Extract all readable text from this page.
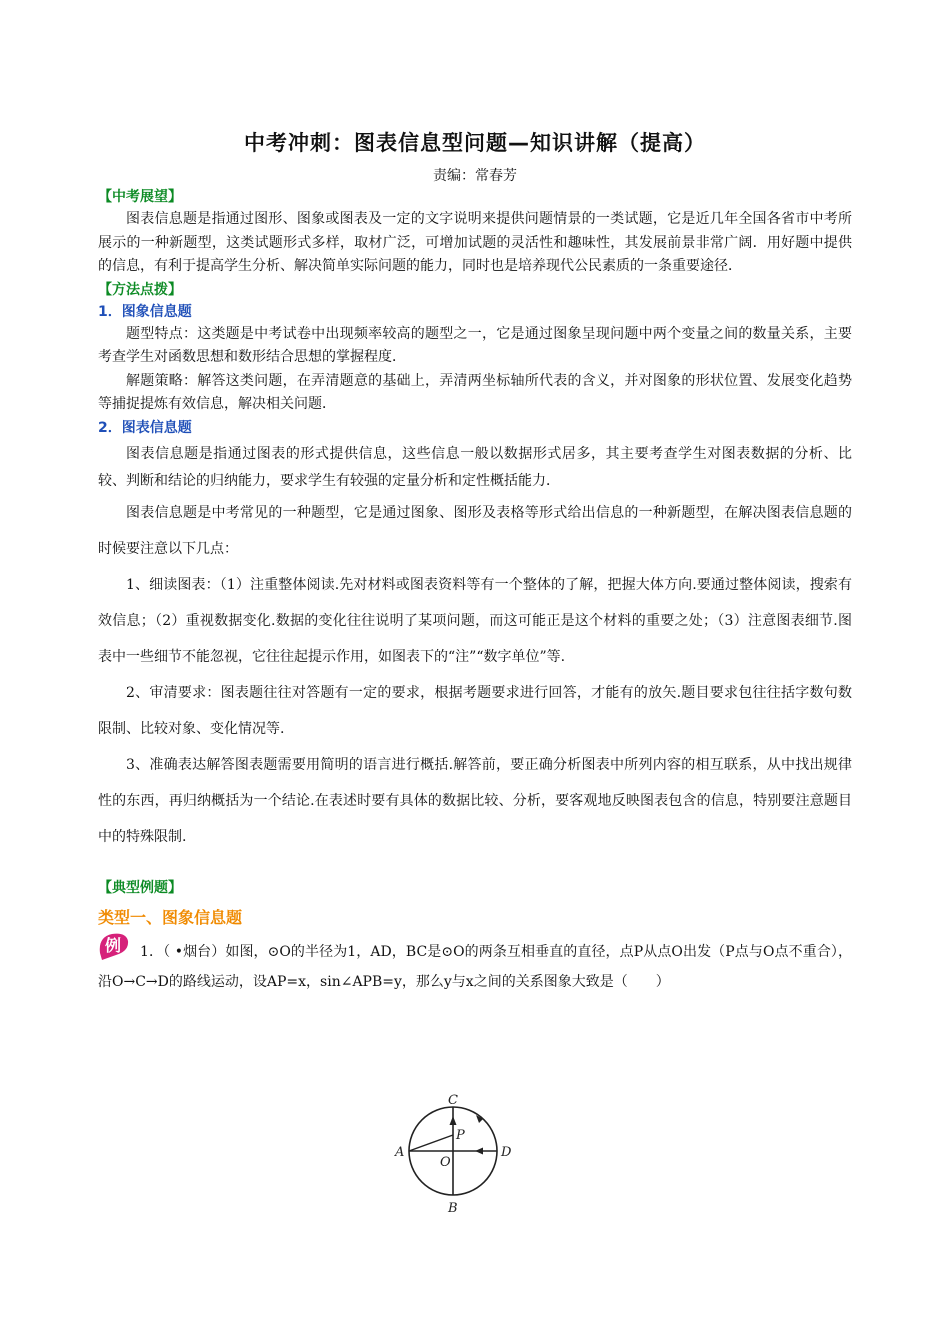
中考冲刺：图表信息型问题—知识讲解（提高）
责编：常春芳
【中考展望】

图表信息题是指通过图形、图象或图表及一定的文字说明来提供问题情景的一类试题，它是近几年全国各省市中考所展示的一种新题型，这类试题形式多样，取材广泛，可增加试题的灵活性和趣味性，其发展前景非常广阔．用好题中提供的信息，有利于提高学生分析、解决简单实际问题的能力，同时也是培养现代公民素质的一条重要途径．

【方法点拨】
1．图象信息题

题型特点：这类题是中考试卷中出现频率较高的题型之一，它是通过图象呈现问题中两个变量之间的数量关系，主要考查学生对函数思想和数形结合思想的掌握程度．

解题策略：解答这类问题，在弄清题意的基础上，弄清两坐标轴所代表的含义，并对图象的形状位置、发展变化趋势等捕捉提炼有效信息，解决相关问题．

2．图表信息题

图表信息题是指通过图表的形式提供信息，这些信息一般以数据形式居多，其主要考查学生对图表数据的分析、比较、判断和结论的归纳能力，要求学生有较强的定量分析和定性概括能力．

图表信息题是中考常见的一种题型，它是通过图象、图形及表格等形式给出信息的一种新题型，在解决图表信息题的时候要注意以下几点：

1、细读图表：（1）注重整体阅读.先对材料或图表资料等有一个整体的了解，把握大体方向.要通过整体阅读，搜索有效信息；（2）重视数据变化.数据的变化往往说明了某项问题，而这可能正是这个材料的重要之处；（3）注意图表细节.图表中一些细节不能忽视，它往往起提示作用，如图表下的“注”“数字单位”等.

2、审清要求：图表题往往对答题有一定的要求，根据考题要求进行回答，才能有的放矢.题目要求包往往括字数句数限制、比较对象、变化情况等.

3、准确表达解答图表题需要用简明的语言进行概括.解答前，要正确分析图表中所列内容的相互联系，从中找出规律性的东西，再归纳概括为一个结论.在表述时要有具体的数据比较、分析，要客观地反映图表包含的信息，特别要注意题目中的特殊限制.

【典型例题】
类型一、图象信息题
例	1．（ •烟台）如图，⊙O的半径为1，AD，BC是⊙O的两条互相垂直的直径，点P从点O出发（P点与O点不重合），沿O→C→D的路线运动，设AP=x，sin∠APB=y，那么y与x之间的关系图象大致是（　　）

C
P
A
O
D
B
